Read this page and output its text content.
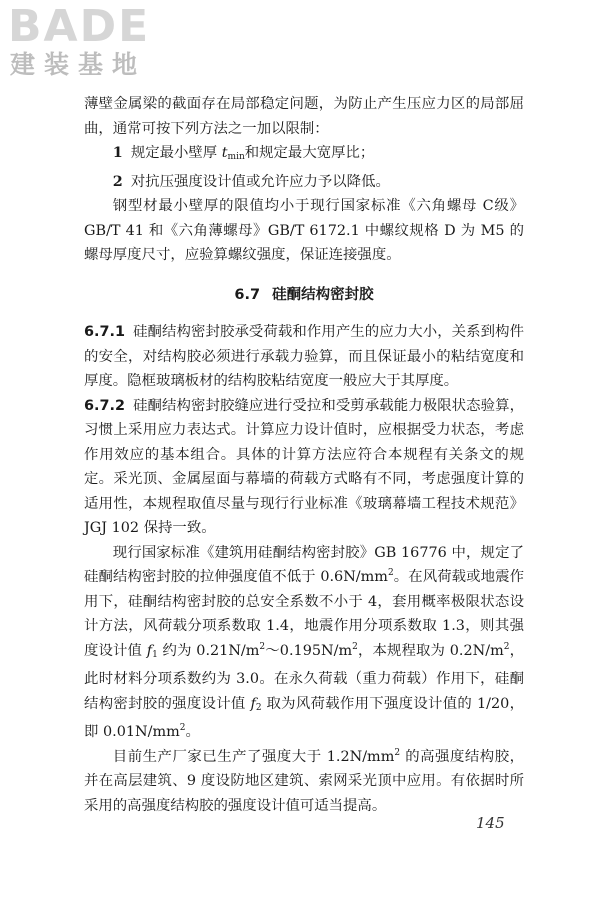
BADE
建装基地

薄壁金属梁的截面存在局部稳定问题，为防止产生压应力区的局部屈曲，通常可按下列方法之一加以限制：

1 规定最小壁厚 $t_{min}$和规定最大宽厚比；

2 对抗压强度设计值或允许应力予以降低。

钢型材最小壁厚的限值均小于现行国家标准《六角螺母 C级》GB/T 41 和《六角薄螺母》GB/T 6172.1 中螺纹规格 D 为 M5 的螺母厚度尺寸，应验算螺纹强度，保证连接强度。

6.7 硅酮结构密封胶

6.7.1 硅酮结构密封胶承受荷载和作用产生的应力大小，关系到构件的安全，对结构胶必须进行承载力验算，而且保证最小的粘结宽度和厚度。隐框玻璃板材的结构胶粘结宽度一般应大于其厚度。

6.7.2 硅酮结构密封胶缝应进行受拉和受剪承载能力极限状态验算，习惯上采用应力表达式。计算应力设计值时，应根据受力状态，考虑作用效应的基本组合。具体的计算方法应符合本规程有关条文的规定。采光顶、金属屋面与幕墙的荷载方式略有不同，考虑强度计算的适用性，本规程取值尽量与现行行业标准《玻璃幕墙工程技术规范》JGJ 102 保持一致。

现行国家标准《建筑用硅酮结构密封胶》GB 16776 中，规定了硅酮结构密封胶的拉伸强度值不低于 $0.6N/mm^2$。在风荷载或地震作用下，硅酮结构密封胶的总安全系数不小于 4，套用概率极限状态设计方法，风荷载分项系数取 1.4，地震作用分项系数取 1.3，则其强度设计值 $f_1$ 约为 $0.21N/m^2\sim 0.195N/m^2$，本规程取为 $0.2N/m^2$，此时材料分项系数约为 3.0。在永久荷载（重力荷载）作用下，硅酮结构密封胶的强度设计值 $f_2$ 取为风荷载作用下强度设计值的 1/20，即 $0.01N/mm^2$。

目前生产厂家已生产了强度大于 $1.2N/mm^2$ 的高强度结构胶，并在高层建筑、9 度设防地区建筑、索网采光顶中应用。有依据时所采用的高强度结构胶的强度设计值可适当提高。

145
